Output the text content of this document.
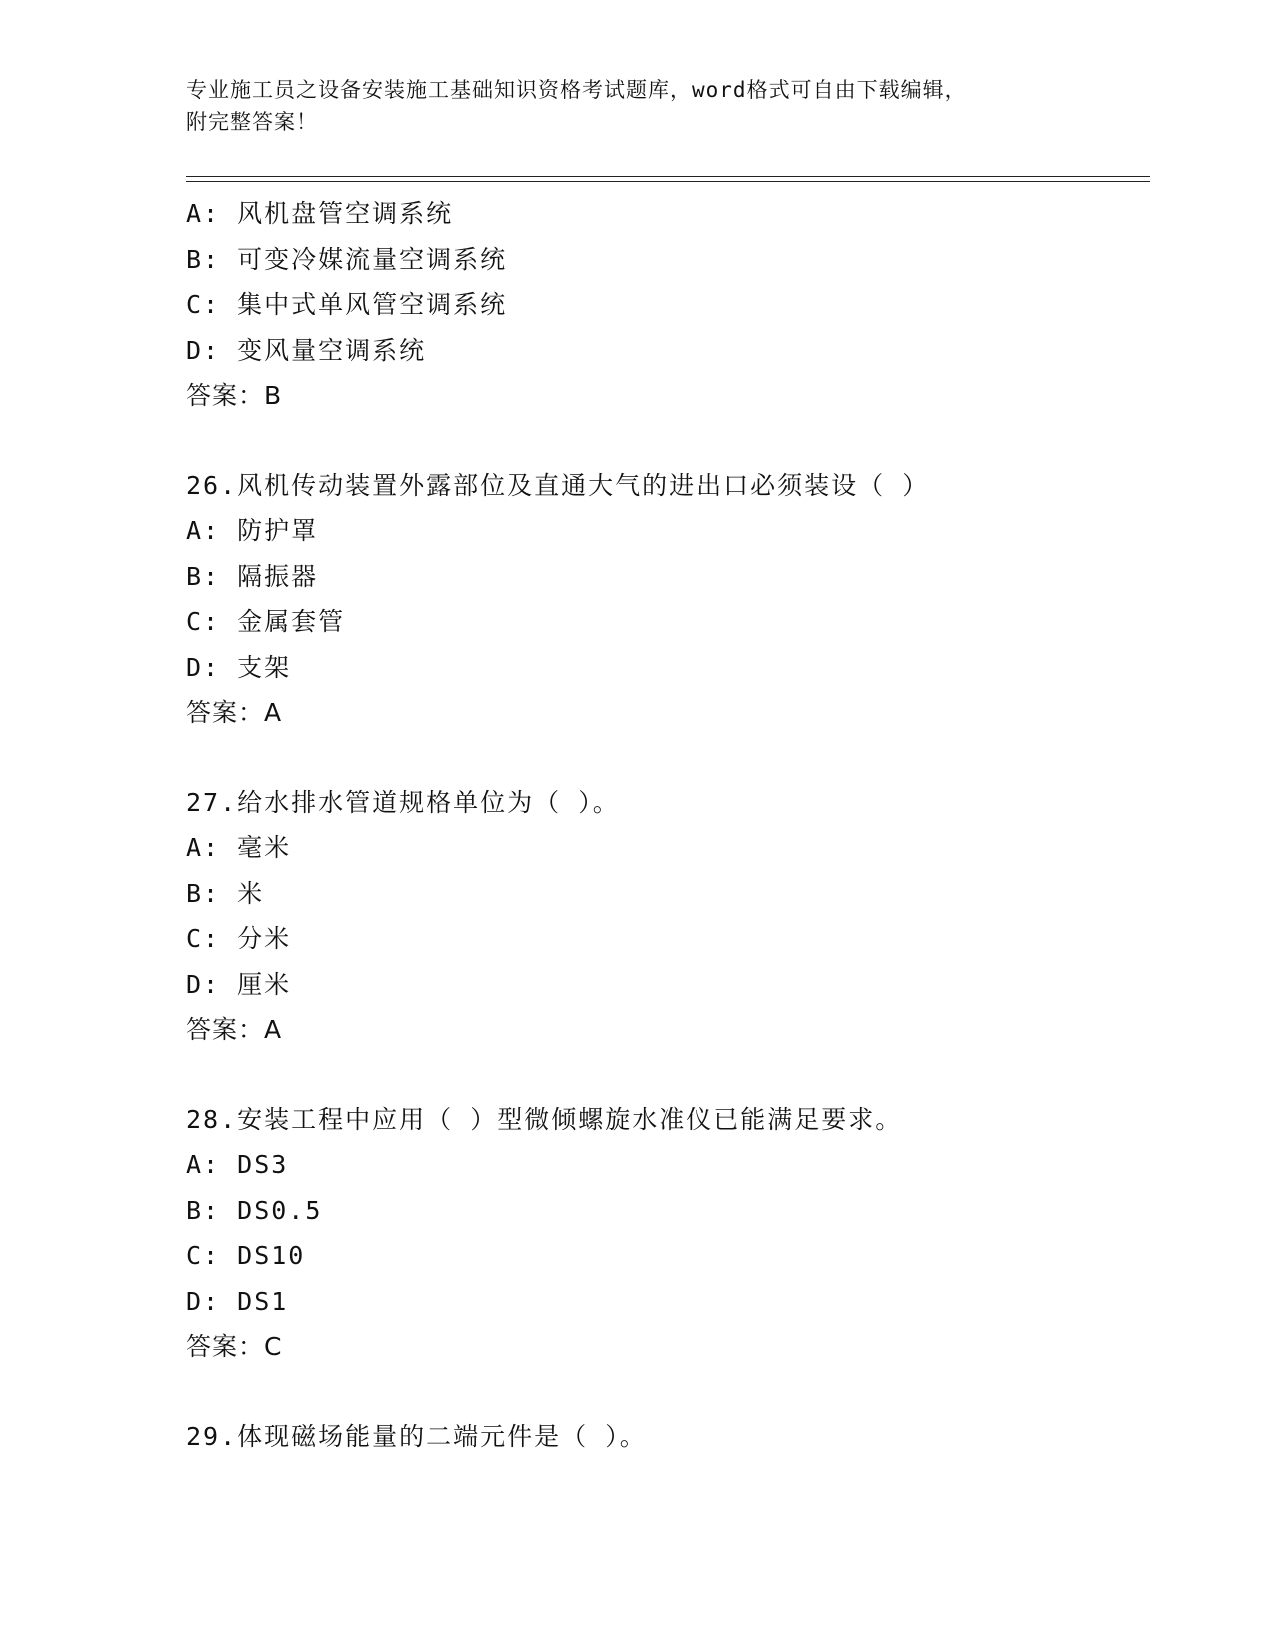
专业施工员之设备安装施工基础知识资格考试题库，word格式可自由下载编辑，
附完整答案！
A: 风机盘管空调系统
B: 可变冷媒流量空调系统
C: 集中式单风管空调系统
D: 变风量空调系统
答案：B
26.风机传动装置外露部位及直通大气的进出口必须装设（ ）
A: 防护罩
B: 隔振器
C: 金属套管
D: 支架
答案：A
27.给水排水管道规格单位为（ ）。
A: 毫米
B: 米
C: 分米
D: 厘米
答案：A
28.安装工程中应用（ ）型微倾螺旋水准仪已能满足要求。
A: DS3
B: DS0.5
C: DS10
D: DS1
答案：C
29.体现磁场能量的二端元件是（ ）。
